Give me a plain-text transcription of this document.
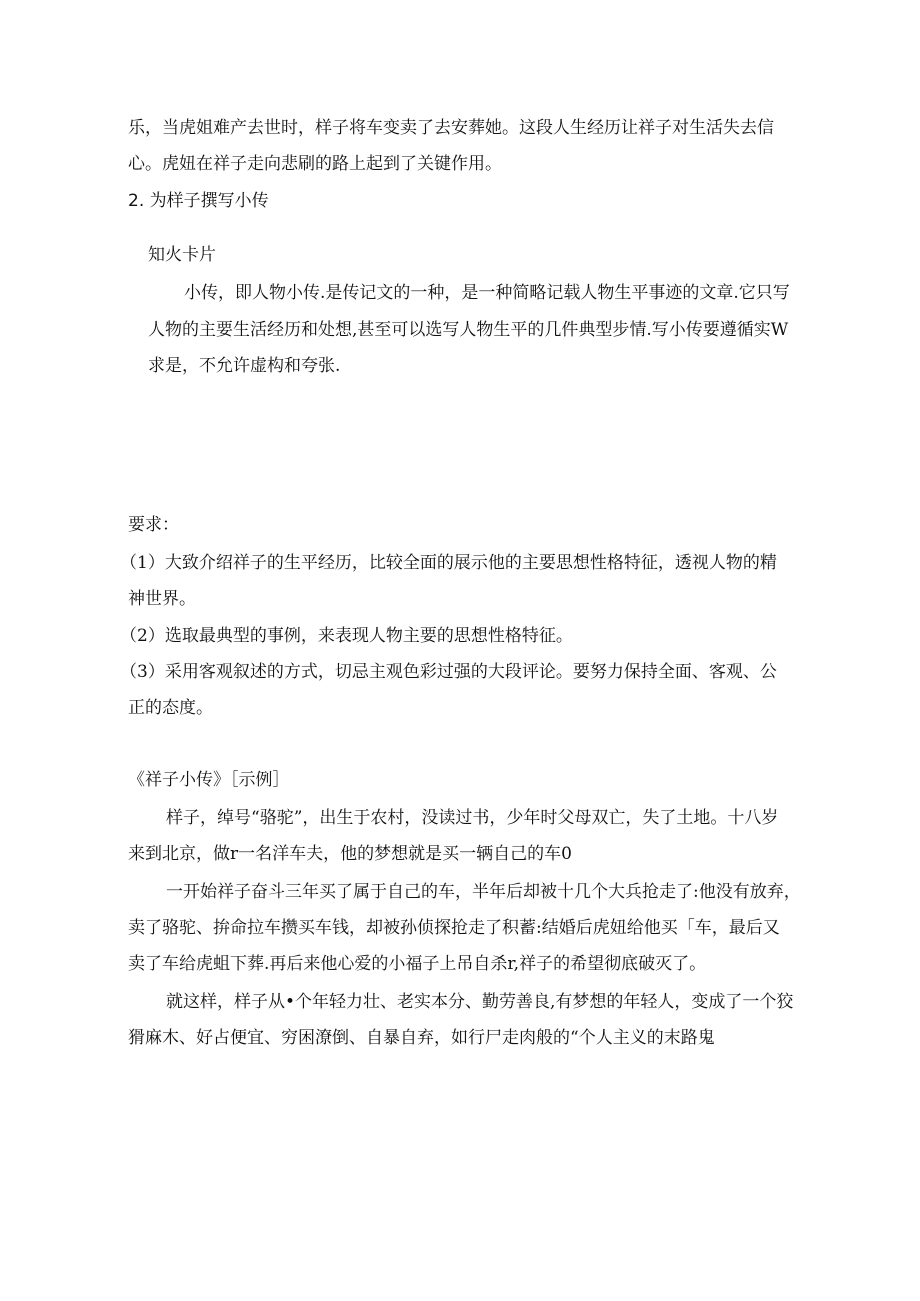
乐，当虎姐难产去世时，样子将车变卖了去安葬她。这段人生经历让祥子对生活失去信
心。虎妞在祥子走向悲刷的路上起到了关键作用。
2. 为样子撰写小传
知火卡片
小传，即人物小传.是传记文的一种，是一种简略记载人物生平事迹的文章.它只写
人物的主要生活经历和处想,甚至可以选写人物生平的几件典型步情.写小传要遵循实W
求是，不允许虚构和夸张.
要求：
（1）大致介绍祥子的生平经历，比较全面的展示他的主要思想性格特征，透视人物的精
神世界。
（2）选取最典型的事例，来表现人物主要的思想性格特征。
（3）采用客观叙述的方式，切忌主观色彩过强的大段评论。要努力保持全面、客观、公
正的态度。
《祥子小传》［示例］
样子，绰号“骆驼”，出生于农村，没读过书，少年时父母双亡，失了土地。十八岁
来到北京，做r一名洋车夫，他的梦想就是买一辆自己的车0
一开始祥子奋斗三年买了属于自己的车，半年后却被十几个大兵抢走了:他没有放弃，
卖了骆驼、拚命拉车攒买车钱，却被孙侦探抢走了积蓄:结婚后虎妞给他买「车，最后又
卖了车给虎蛆下葬.再后来他心爱的小福子上吊自杀r,祥子的希望彻底破灭了。
就这样，样子从•个年轻力壮、老实本分、勤劳善良,有梦想的年轻人，变成了一个狡
猾麻木、好占便宜、穷困潦倒、自暴自弃，如行尸走肉般的“个人主义的末路鬼
